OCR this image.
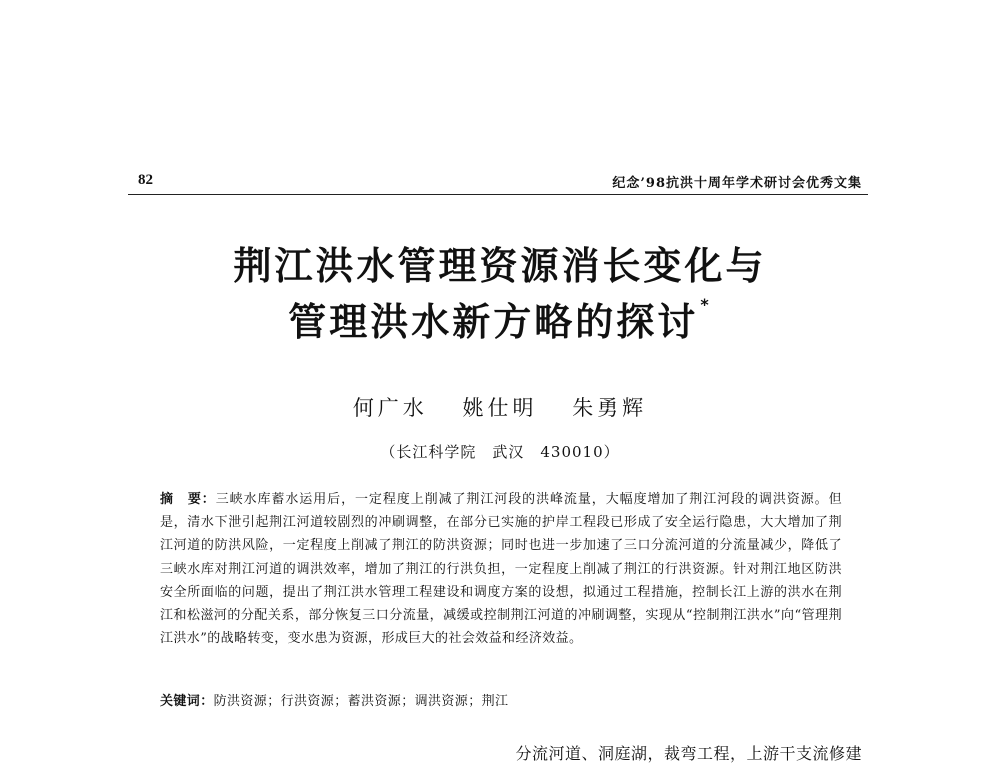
82	纪念’98抗洪十周年学术研讨会优秀文集
荆江洪水管理资源消长变化与
管理洪水新方略的探讨 *
何广水 姚仕明 朱勇辉
（长江科学院　武汉　430010）
摘　要：三峡水库蓄水运用后，一定程度上削减了荆江河段的洪峰流量，大幅度增加了荆江河段的调洪资源。但是，清水下泄引起荆江河道较剧烈的冲刷调整，在部分已实施的护岸工程段已形成了安全运行隐患，大大增加了荆江河道的防洪风险，一定程度上削减了荆江的防洪资源；同时也进一步加速了三口分流河道的分流量减少，降低了三峡水库对荆江河道的调洪效率，增加了荆江的行洪负担，一定程度上削减了荆江的行洪资源。针对荆江地区防洪安全所面临的问题，提出了荆江洪水管理工程建设和调度方案的设想，拟通过工程措施，控制长江上游的洪水在荆江和松滋河的分配关系，部分恢复三口分流量，减缓或控制荆江河道的冲刷调整，实现从“控制荆江洪水”向“管理荆江洪水”的战略转变，变水患为资源，形成巨大的社会效益和经济效益。
关键词：防洪资源；行洪资源；蓄洪资源；调洪资源；荆江
分流河道、洞庭湖，裁弯工程，上游干支流修建
